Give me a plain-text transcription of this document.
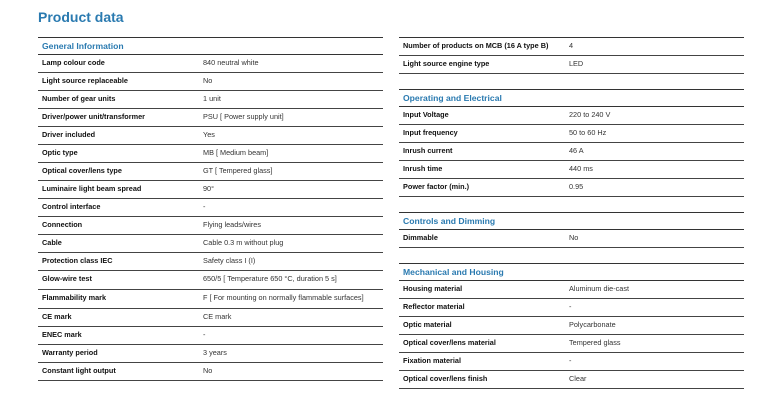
Product data
General Information
Lamp colour code	840 neutral white
Light source replaceable	No
Number of gear units	1 unit
Driver/power unit/transformer	PSU [ Power supply unit]
Driver included	Yes
Optic type	MB [ Medium beam]
Optical cover/lens type	GT [ Tempered glass]
Luminaire light beam spread	90°
Control interface	-
Connection	Flying leads/wires
Cable	Cable 0.3 m without plug
Protection class IEC	Safety class I (I)
Glow-wire test	650/5 [ Temperature 650 °C, duration 5 s]
Flammability mark	F [ For mounting on normally flammable surfaces]
CE mark	CE mark
ENEC mark	-
Warranty period	3 years
Constant light output	No
Number of products on MCB (16 A type B)	4
Light source engine type	LED
Operating and Electrical
Input Voltage	220 to 240 V
Input frequency	50 to 60 Hz
Inrush current	46 A
Inrush time	440 ms
Power factor (min.)	0.95
Controls and Dimming
Dimmable	No
Mechanical and Housing
Housing material	Aluminum die-cast
Reflector material	-
Optic material	Polycarbonate
Optical cover/lens material	Tempered glass
Fixation material	-
Optical cover/lens finish	Clear
